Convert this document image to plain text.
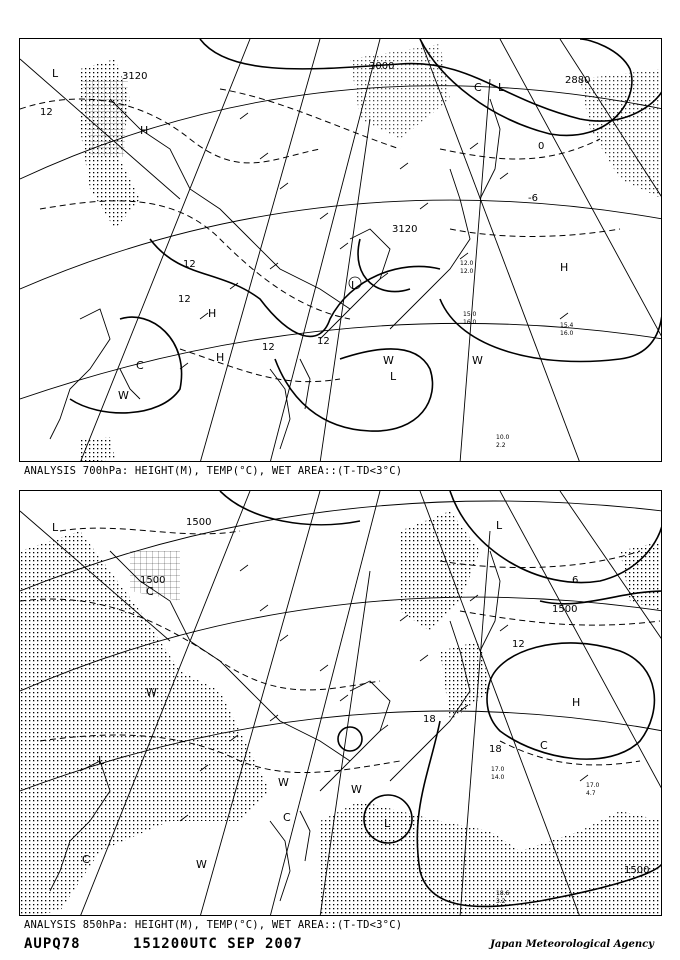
3000
3120
3120
2880
12
12
12
12
12
0
-6
L
C L
H
H
H
H
C
W
W	W
L
L
10.0
2.2
15.0
16.0
12.0
12.0
15.4
16.0
ANALYSIS 700hPa: HEIGHT(M), TEMP(°C), WET AREA::(T-TD<3°C)
1500
1500
1500
1500
18
12
6
18
L
C
L
H
W
W
W
L
C
W
L
C
C
17.0
4.7
18.6
3.2
17.0
14.0
ANALYSIS 850hPa: HEIGHT(M), TEMP(°C), WET AREA::(T-TD<3°C)
AUPQ78	151200UTC SEP 2007	Japan Meteorological Agency
